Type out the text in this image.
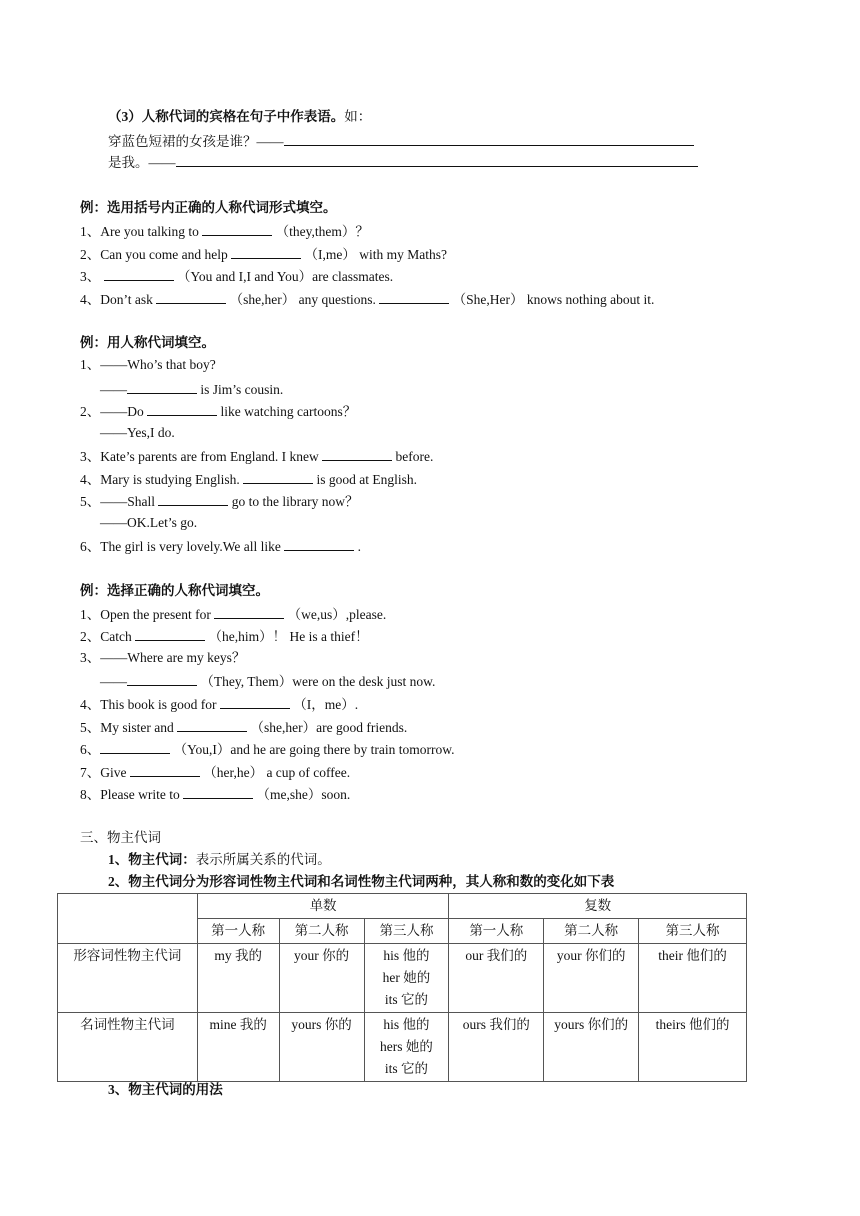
（3）人称代词的宾格在句子中作表语。如：
穿蓝色短裙的女孩是谁？——
是我。——
例：选用括号内正确的人称代词形式填空。
1、Are you talking to	（they,them）？
2、Can you come and help	（I,me） with my Maths?
3、	（You and I,I and You）are classmates.
4、Don’t ask	（she,her） any questions.	（She,Her） knows nothing about it.
例：用人称代词填空。
1、——Who’s that boy?
——	is Jim’s cousin.
2、——Do	like watching cartoons？
——Yes,I do.
3、Kate’s parents are from England. I knew	before.
4、Mary is studying English.	is good at English.
5、——Shall	go to the library now？
——OK.Let’s go.
6、The girl is very lovely.We all like	.
例：选择正确的人称代词填空。
1、Open the present for	（we,us）,please.
2、Catch	（he,him）！ He is a thief！
3、——Where are my keys？
——	（They, Them）were on the desk just now.
4、This book is good for	（I，me）.
5、My sister and	（she,her）are good friends.
6、	（You,I）and he are going there by train tomorrow.
7、Give	（her,he） a cup of coffee.
8、Please write to	（me,she）soon.
三、物主代词
1、物主代词：表示所属关系的代词。
2、物主代词分为形容词性物主代词和名词性物主代词两种，其人称和数的变化如下表
	单数			复数		
	第一人称	第二人称	第三人称	第一人称	第二人称	第三人称
形容词性物主代词	my 我的	your 你的	his 他的
her 她的
its 它的	our 我们的	your 你们的	their 他们的
名词性物主代词	mine 我的	yours 你的	his 他的
hers 她的
its 它的	ours 我们的	yours 你们的	theirs 他们的
3、物主代词的用法
